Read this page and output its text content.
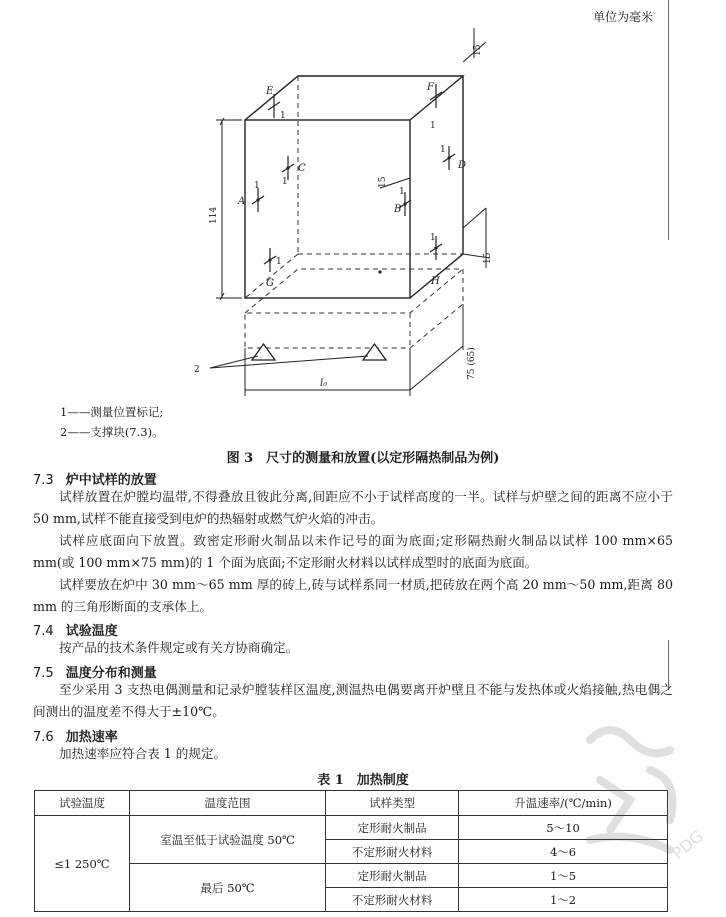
单位为毫米
E	F
C	D
A
B
G	H
1
1
1
1
1
1
1
1
2
15
15
15
114
75 (65)
l₀
1——测量位置标记;
2——支撑块(7.3)。
图 3　尺寸的测量和放置(以定形隔热制品为例)
7.3 炉中试样的放置
试样放置在炉膛均温带,不得叠放且彼此分离,间距应不小于试样高度的一半。试样与炉壁之间的距离不应小于 50 mm,试样不能直接受到电炉的热辐射或燃气炉火焰的冲击。
试样应底面向下放置。致密定形耐火制品以未作记号的面为底面;定形隔热耐火制品以试样 100 mm×65 mm(或 100 mm×75 mm)的 1 个面为底面;不定形耐火材料以试样成型时的底面为底面。
试样要放在炉中 30 mm～65 mm 厚的砖上,砖与试样系同一材质,把砖放在两个高 20 mm～50 mm,距离 80 mm 的三角形断面的支承体上。
7.4 试验温度
按产品的技术条件规定或有关方协商确定。
7.5 温度分布和测量
至少采用 3 支热电偶测量和记录炉膛装样区温度,测温热电偶要离开炉壁且不能与发热体或火焰接触,热电偶之间测出的温度差不得大于±10℃。
7.6 加热速率
加热速率应符合表 1 的规定。
表 1　加热制度
试验温度	温度范围	试样类型	升温速率/(℃/min)
≤1 250℃	室温至低于试验温度 50℃	定形耐火制品	5～10
		不定形耐火材料	4～6
	最后 50℃	定形耐火制品	1～5
		不定形耐火材料	1～2
PDG
